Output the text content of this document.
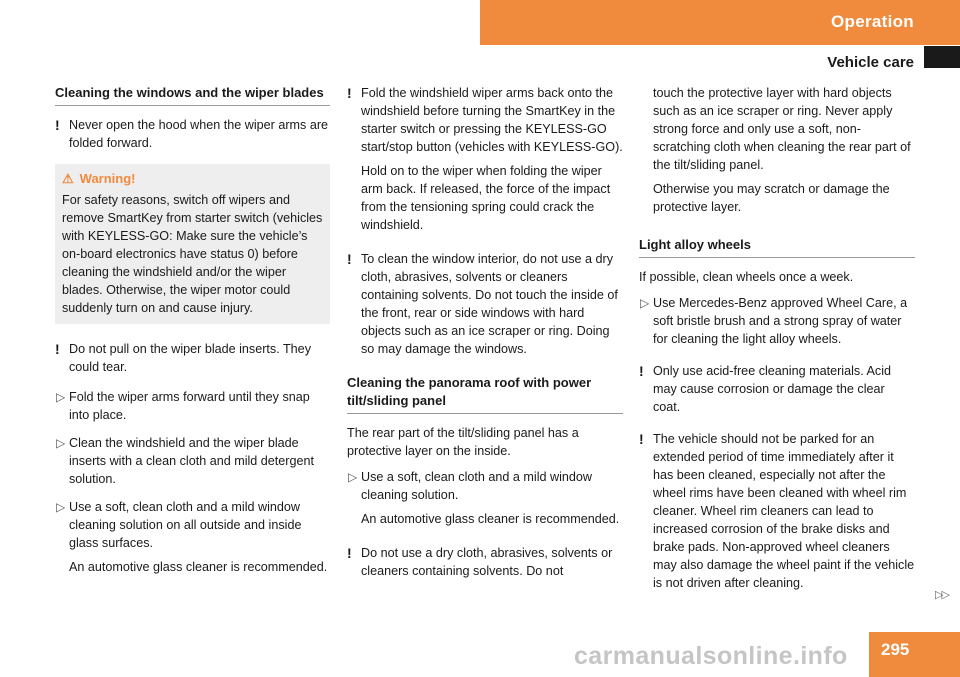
Operation
Vehicle care
Cleaning the windows and the wiper blades
! Never open the hood when the wiper arms are folded forward.

⚠ Warning!

For safety reasons, switch off wipers and remove SmartKey from starter switch (vehicles with KEYLESS-GO: Make sure the vehicle’s on-board electronics have status 0) before cleaning the windshield and/or the wiper blades. Otherwise, the wiper motor could suddenly turn on and cause injury.

! Do not pull on the wiper blade inserts. They could tear.

▷ Fold the wiper arms forward until they snap into place.

▷ Clean the windshield and the wiper blade inserts with a clean cloth and mild detergent solution.

▷ Use a soft, clean cloth and a mild window cleaning solution on all outside and inside glass surfaces.

An automotive glass cleaner is recommended.

! Fold the windshield wiper arms back onto the windshield before turning the SmartKey in the starter switch or pressing the KEYLESS-GO start/stop button (vehicles with KEYLESS-GO).

Hold on to the wiper when folding the wiper arm back. If released, the force of the impact from the tensioning spring could crack the windshield.

! To clean the window interior, do not use a dry cloth, abrasives, solvents or cleaners containing solvents. Do not touch the inside of the front, rear or side windows with hard objects such as an ice scraper or ring. Doing so may damage the windows.

Cleaning the panorama roof with power tilt/sliding panel

The rear part of the tilt/sliding panel has a protective layer on the inside.

▷ Use a soft, clean cloth and a mild window cleaning solution.

An automotive glass cleaner is recommended.

! Do not use a dry cloth, abrasives, solvents or cleaners containing solvents. Do not

touch the protective layer with hard objects such as an ice scraper or ring. Never apply strong force and only use a soft, non-scratching cloth when cleaning the rear part of the tilt/sliding panel.

Otherwise you may scratch or damage the protective layer.

Light alloy wheels

If possible, clean wheels once a week.

▷ Use Mercedes-Benz approved Wheel Care, a soft bristle brush and a strong spray of water for cleaning the light alloy wheels.

! Only use acid-free cleaning materials. Acid may cause corrosion or damage the clear coat.

! The vehicle should not be parked for an extended period of time immediately after it has been cleaned, especially not after the wheel rims have been cleaned with wheel rim cleaner. Wheel rim cleaners can lead to increased corrosion of the brake disks and brake pads. Non-approved wheel cleaners may also damage the wheel paint if the vehicle is not driven after cleaning.

▷▷
carmanualsonline.info 295
